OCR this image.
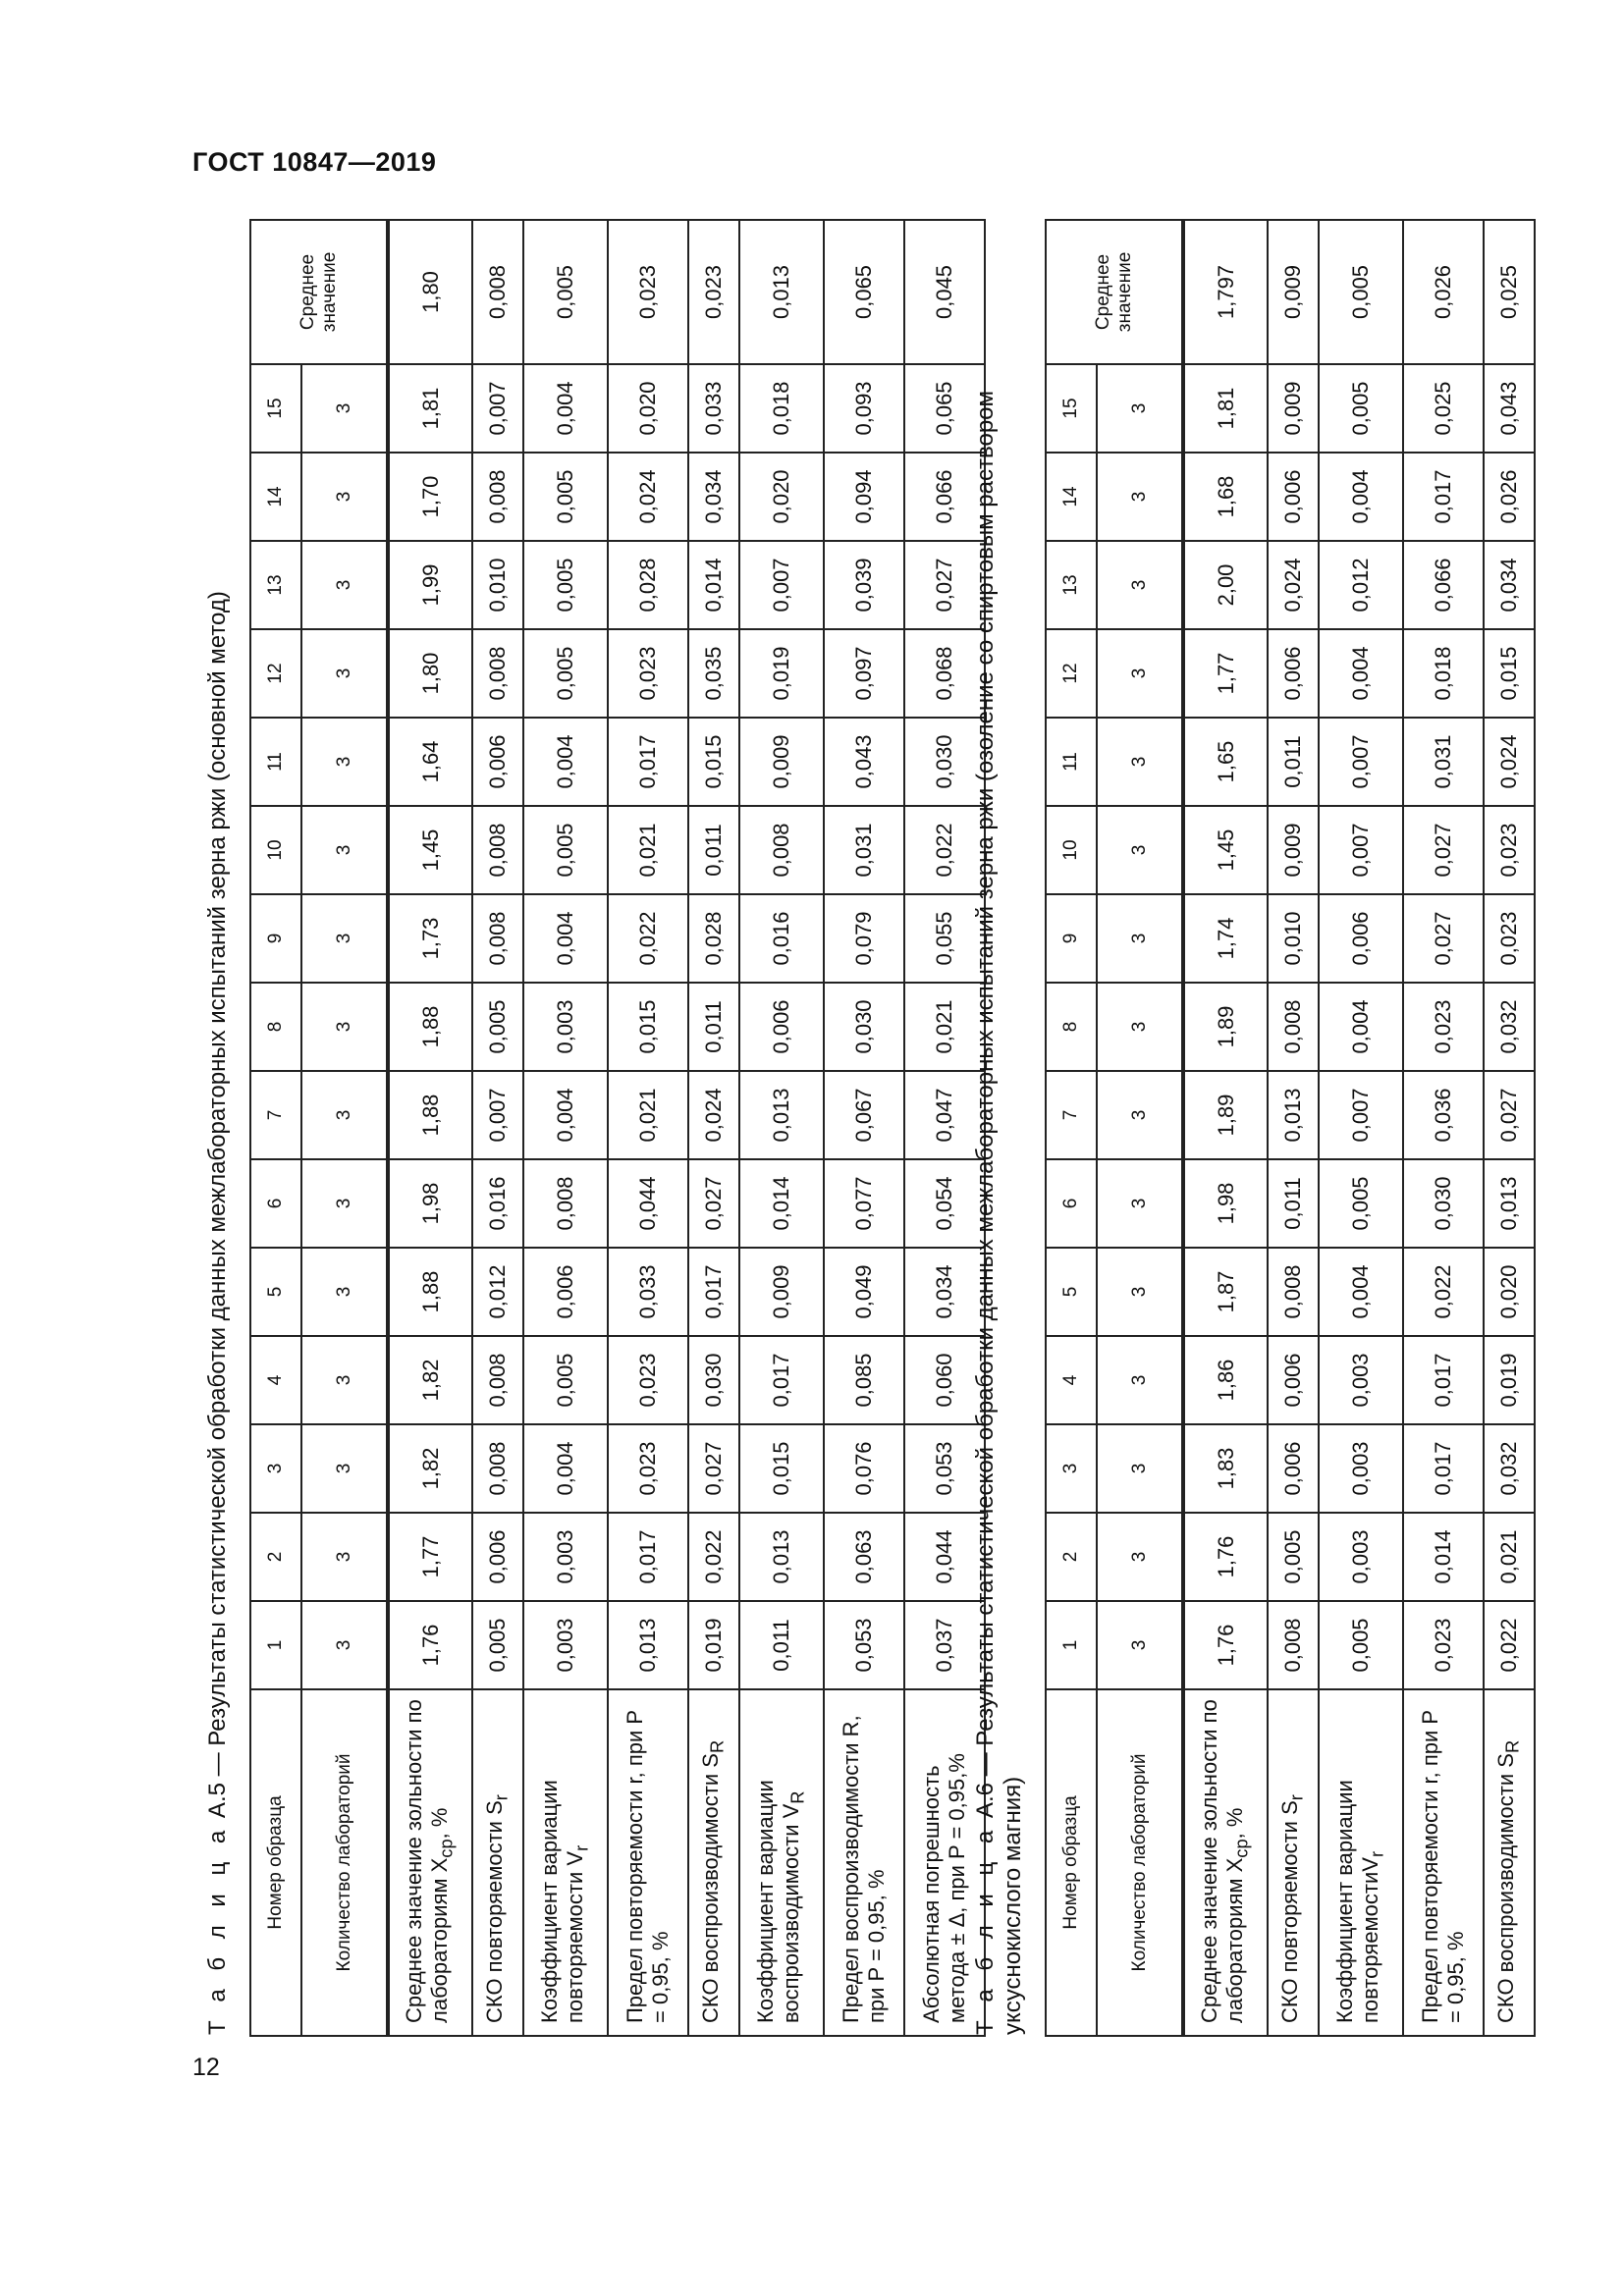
ГОСТ 10847—2019
12
Т а б л и ц а А.5 — Результаты статистической обработки данных межлабораторных испытаний зерна ржи (основной метод)
Номер образца	1	2	3	4	5	6	7	8	9	10	11	12	13	14	15	Среднее значение
Количество лабораторий	3	3	3	3	3	3	3	3	3	3	3	3	3	3	3	
Среднее значение зольности по лабораториям $X_{ср}$, %	1,76	1,77	1,82	1,82	1,88	1,98	1,88	1,88	1,73	1,45	1,64	1,80	1,99	1,70	1,81	1,80
СКО повторяемости $S_r$	0,005	0,006	0,008	0,008	0,012	0,016	0,007	0,005	0,008	0,008	0,006	0,008	0,010	0,008	0,007	0,008
Коэффициент вариации повторяемости $V_r$	0,003	0,003	0,004	0,005	0,006	0,008	0,004	0,003	0,004	0,005	0,004	0,005	0,005	0,005	0,004	0,005
Предел повторяемости r, при P = 0,95, %	0,013	0,017	0,023	0,023	0,033	0,044	0,021	0,015	0,022	0,021	0,017	0,023	0,028	0,024	0,020	0,023
СКО воспроизводимости $S_R$	0,019	0,022	0,027	0,030	0,017	0,027	0,024	0,011	0,028	0,011	0,015	0,035	0,014	0,034	0,033	0,023
Коэффициент вариации воспроизводимости $V_R$	0,011	0,013	0,015	0,017	0,009	0,014	0,013	0,006	0,016	0,008	0,009	0,019	0,007	0,020	0,018	0,013
Предел воспроизводимости R, при P = 0,95, %	0,053	0,063	0,076	0,085	0,049	0,077	0,067	0,030	0,079	0,031	0,043	0,097	0,039	0,094	0,093	0,065
Абсолютная погрешность метода ± Δ, при P = 0,95,%	0,037	0,044	0,053	0,060	0,034	0,054	0,047	0,021	0,055	0,022	0,030	0,068	0,027	0,066	0,065	0,045
Т а б л и ц а А.6 — Результаты статистической обработки данных межлабораторных испытаний зерна ржи (озоление со спиртовым раствором уксуснокислого магния) Номер образца	1	2	3	4	5	6	7	8	9	10	11	12	13	14	15	Среднее значение
Количество лабораторий	3	3	3	3	3	3	3	3	3	3	3	3	3	3	3	
Среднее значение зольности по лабораториям $X_{ср}$, %	1,76	1,76	1,83	1,86	1,87	1,98	1,89	1,89	1,74	1,45	1,65	1,77	2,00	1,68	1,81	1,797
СКО повторяемости $S_r$	0,008	0,005	0,006	0,006	0,008	0,011	0,013	0,008	0,010	0,009	0,011	0,006	0,024	0,006	0,009	0,009
Коэффициент вариации повторяемостиV$_r$	0,005	0,003	0,003	0,003	0,004	0,005	0,007	0,004	0,006	0,007	0,007	0,004	0,012	0,004	0,005	0,005
Предел повторяемости r, при P = 0,95, %	0,023	0,014	0,017	0,017	0,022	0,030	0,036	0,023	0,027	0,027	0,031	0,018	0,066	0,017	0,025	0,026
СКО воспроизводимости $S_R$	0,022	0,021	0,032	0,019	0,020	0,013	0,027	0,032	0,023	0,023	0,024	0,015	0,034	0,026	0,043	0,025
